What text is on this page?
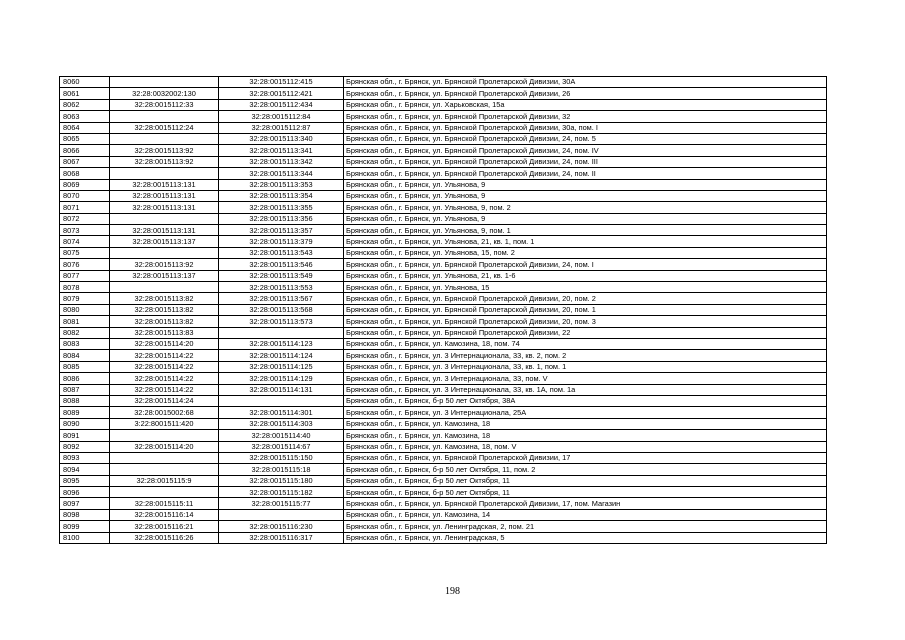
8060		32:28:0015112:415	Брянская обл., г. Брянск, ул. Брянской Пролетарской Дивизии, 30А
8061	32:28:0032002:130	32:28:0015112:421	Брянская обл., г. Брянск, ул. Брянской Пролетарской Дивизии, 26
8062	32:28:0015112:33	32:28:0015112:434	Брянская обл., г. Брянск, ул. Харьковская, 15а
8063		32:28:0015112:84	Брянская обл., г. Брянск, ул. Брянской Пролетарской Дивизии, 32
8064	32:28:0015112:24	32:28:0015112:87	Брянская обл., г. Брянск, ул. Брянской Пролетарской Дивизии, 30а, пом. I
8065		32:28:0015113:340	Брянская обл., г. Брянск, ул. Брянской Пролетарской Дивизии, 24, пом. 5
8066	32:28:0015113:92	32:28:0015113:341	Брянская обл., г. Брянск, ул. Брянской Пролетарской Дивизии, 24, пом. IV
8067	32:28:0015113:92	32:28:0015113:342	Брянская обл., г. Брянск, ул. Брянской Пролетарской Дивизии, 24, пом. III
8068		32:28:0015113:344	Брянская обл., г. Брянск, ул. Брянской Пролетарской Дивизии, 24, пом. II
8069	32:28:0015113:131	32:28:0015113:353	Брянская обл., г. Брянск, ул. Ульянова, 9
8070	32:28:0015113:131	32:28:0015113:354	Брянская обл., г. Брянск, ул. Ульянова, 9
8071	32:28:0015113:131	32:28:0015113:355	Брянская обл., г. Брянск, ул. Ульянова, 9, пом. 2
8072		32:28:0015113:356	Брянская обл., г. Брянск, ул. Ульянова, 9
8073	32:28:0015113:131	32:28:0015113:357	Брянская обл., г. Брянск, ул. Ульянова, 9, пом. 1
8074	32:28:0015113:137	32:28:0015113:379	Брянская обл., г. Брянск, ул. Ульянова, 21, кв. 1, пом. 1
8075		32:28:0015113:543	Брянская обл., г. Брянск, ул. Ульянова, 15, пом. 2
8076	32:28:0015113:92	32:28:0015113:546	Брянская обл., г. Брянск, ул. Брянской Пролетарской Дивизии, 24, пом. I
8077	32:28:0015113:137	32:28:0015113:549	Брянская обл., г. Брянск, ул. Ульянова, 21, кв. 1-6
8078		32:28:0015113:553	Брянская обл., г. Брянск, ул. Ульянова, 15
8079	32:28:0015113:82	32:28:0015113:567	Брянская обл., г. Брянск, ул. Брянской Пролетарской Дивизии, 20, пом. 2
8080	32:28:0015113:82	32:28:0015113:568	Брянская обл., г. Брянск, ул. Брянской Пролетарской Дивизии, 20, пом. 1
8081	32:28:0015113:82	32:28:0015113:573	Брянская обл., г. Брянск, ул. Брянской Пролетарской Дивизии, 20, пом. 3
8082	32:28:0015113:83		Брянская обл., г. Брянск, ул. Брянской Пролетарской Дивизии, 22
8083	32:28:0015114:20	32:28:0015114:123	Брянская обл., г. Брянск, ул. Камозина, 18, пом. 74
8084	32:28:0015114:22	32:28:0015114:124	Брянская обл., г. Брянск, ул. 3 Интернационала, 33, кв. 2, пом. 2
8085	32:28:0015114:22	32:28:0015114:125	Брянская обл., г. Брянск, ул. 3 Интернационала, 33, кв. 1, пом. 1
8086	32:28:0015114:22	32:28:0015114:129	Брянская обл., г. Брянск, ул. 3 Интернационала, 33, пом. V
8087	32:28:0015114:22	32:28:0015114:131	Брянская обл., г. Брянск, ул. 3 Интернационала, 33, кв. 1А, пом. 1а
8088	32:28:0015114:24		Брянская обл., г. Брянск, б-р 50 лет Октября, 38А
8089	32:28:0015002:68	32:28:0015114:301	Брянская обл., г. Брянск, ул. 3 Интернационала, 25А
8090	3:22:8001511:420	32:28:0015114:303	Брянская обл., г. Брянск, ул. Камозина, 18
8091		32:28:0015114:40	Брянская обл., г. Брянск, ул. Камозина, 18
8092	32:28:0015114:20	32:28:0015114:67	Брянская обл., г. Брянск, ул. Камозина, 18, пом. V
8093		32:28:0015115:150	Брянская обл., г. Брянск, ул. Брянской Пролетарской Дивизии, 17
8094		32:28:0015115:18	Брянская обл., г. Брянск, б-р 50 лет Октября, 11, пом. 2
8095	32:28:0015115:9	32:28:0015115:180	Брянская обл., г. Брянск, б-р 50 лет Октября, 11
8096		32:28:0015115:182	Брянская обл., г. Брянск, б-р 50 лет Октября, 11
8097	32:28:0015115:11	32:28:0015115:77	Брянская обл., г. Брянск, ул. Брянской Пролетарской Дивизии, 17, пом. Магазин
8098	32:28:0015116:14		Брянская обл., г. Брянск, ул. Камозина, 14
8099	32:28:0015116:21	32:28:0015116:230	Брянская обл., г. Брянск, ул. Ленинградская, 2, пом. 21
8100	32:28:0015116:26	32:28:0015116:317	Брянская обл., г. Брянск, ул. Ленинградская, 5
198
